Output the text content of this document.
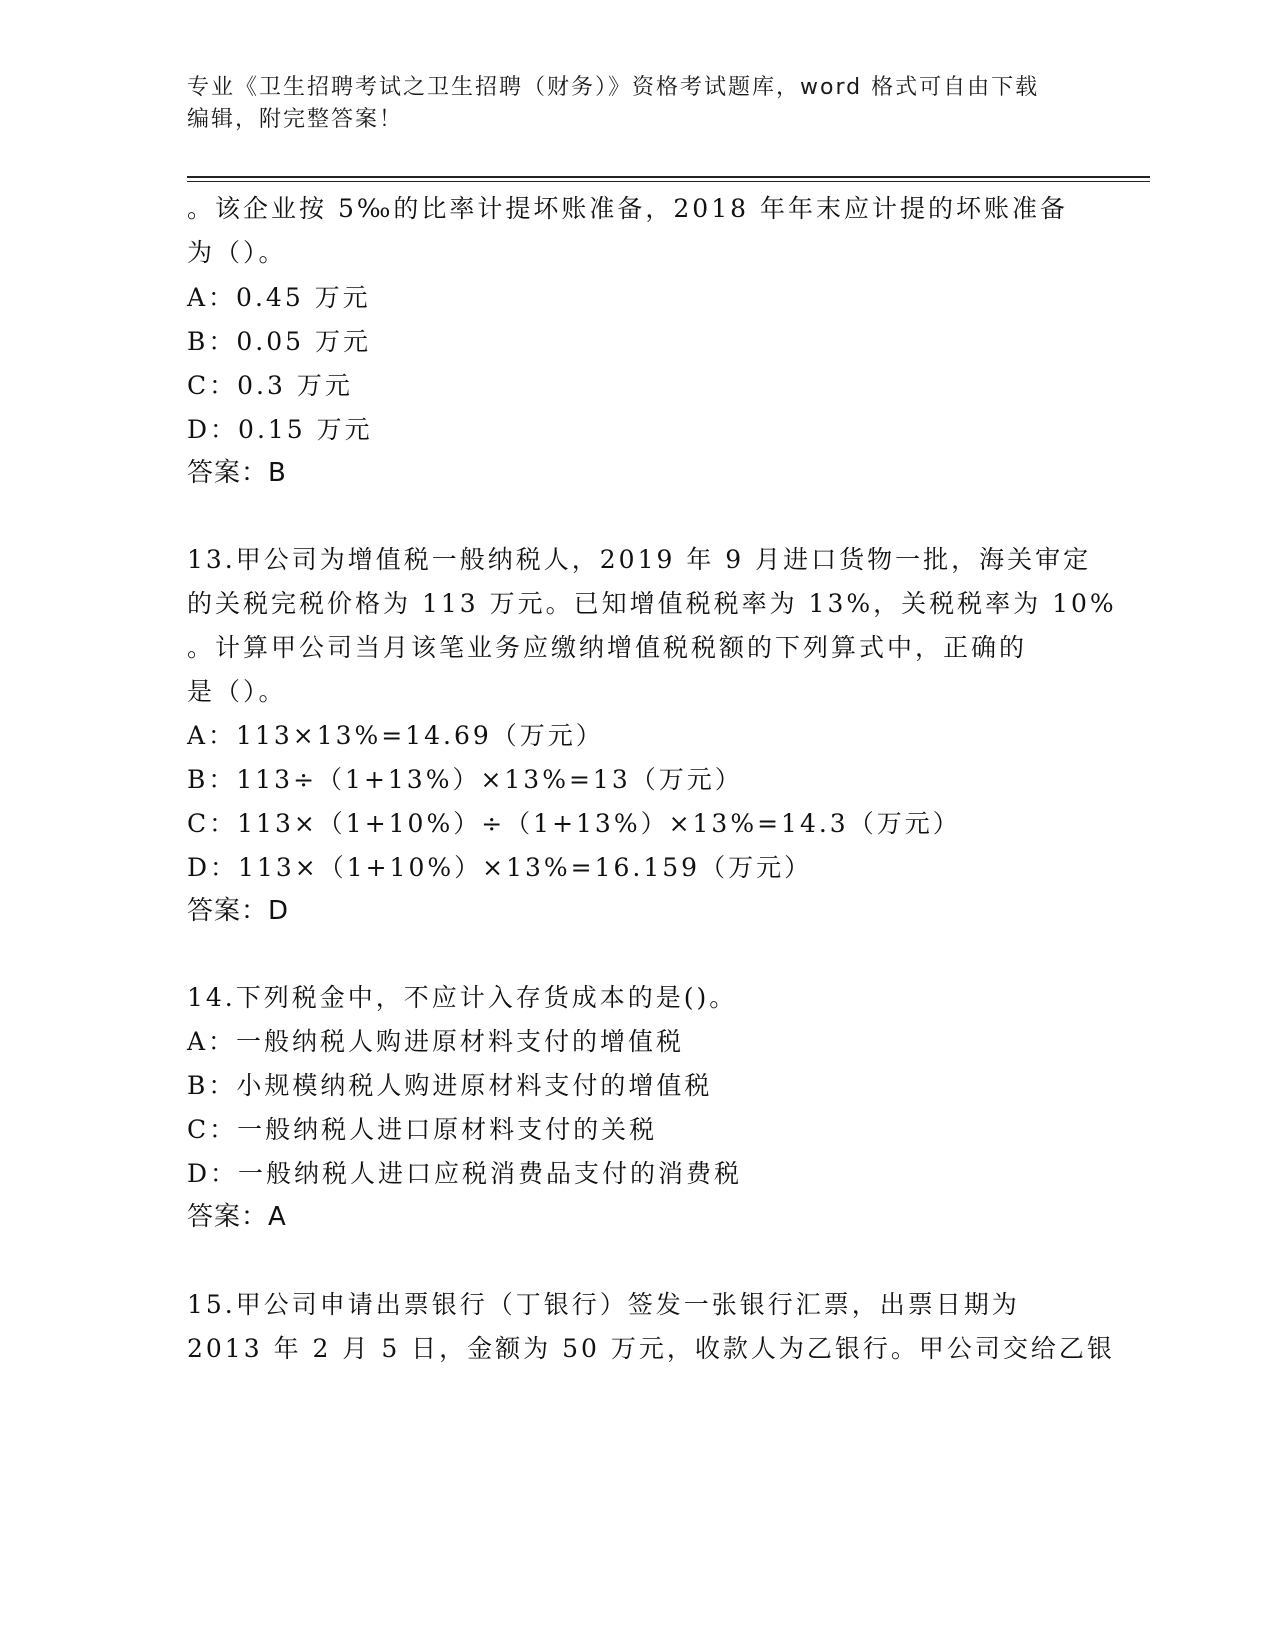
专业《卫生招聘考试之卫生招聘（财务）》资格考试题库，word 格式可自由下载
编辑，附完整答案！
。该企业按 5‰的比率计提坏账准备，2018 年年末应计提的坏账准备
为（）。
A：0.45 万元
B：0.05 万元
C：0.3 万元
D：0.15 万元
答案：B
13.甲公司为增值税一般纳税人，2019 年 9 月进口货物一批，海关审定
的关税完税价格为 113 万元。已知增值税税率为 13%，关税税率为 10%
。计算甲公司当月该笔业务应缴纳增值税税额的下列算式中，正确的
是（）。
A：113×13%=14.69（万元）
B：113÷（1+13%）×13%=13（万元）
C：113×（1+10%）÷（1+13%）×13%=14.3（万元）
D：113×（1+10%）×13%=16.159（万元）
答案：D
14.下列税金中，不应计入存货成本的是()。
A：一般纳税人购进原材料支付的增值税
B：小规模纳税人购进原材料支付的增值税
C：一般纳税人进口原材料支付的关税
D：一般纳税人进口应税消费品支付的消费税
答案：A
15.甲公司申请出票银行（丁银行）签发一张银行汇票，出票日期为
2013 年 2 月 5 日，金额为 50 万元，收款人为乙银行。甲公司交给乙银
